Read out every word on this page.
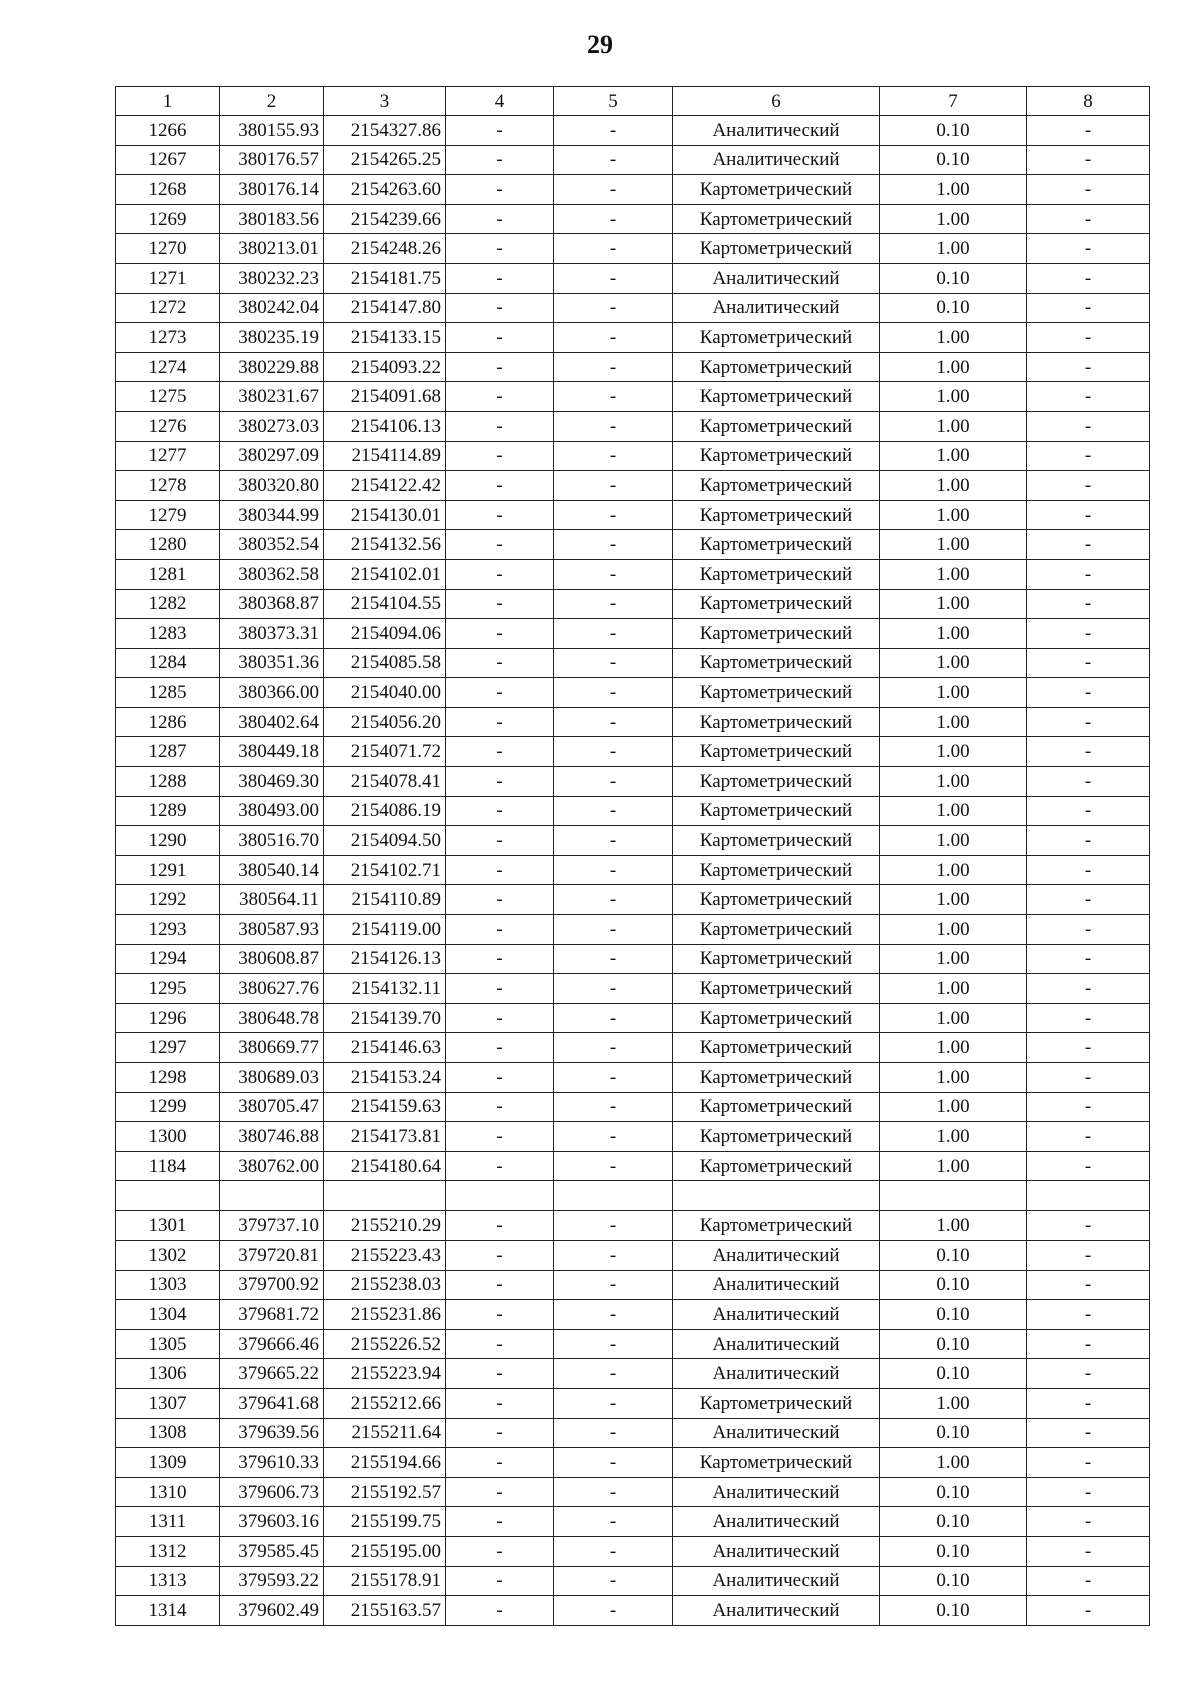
29
1	2	3	4	5	6	7	8
1266	380155.93	2154327.86	-	-	Аналитический	0.10	-
1267	380176.57	2154265.25	-	-	Аналитический	0.10	-
1268	380176.14	2154263.60	-	-	Картометрический	1.00	-
1269	380183.56	2154239.66	-	-	Картометрический	1.00	-
1270	380213.01	2154248.26	-	-	Картометрический	1.00	-
1271	380232.23	2154181.75	-	-	Аналитический	0.10	-
1272	380242.04	2154147.80	-	-	Аналитический	0.10	-
1273	380235.19	2154133.15	-	-	Картометрический	1.00	-
1274	380229.88	2154093.22	-	-	Картометрический	1.00	-
1275	380231.67	2154091.68	-	-	Картометрический	1.00	-
1276	380273.03	2154106.13	-	-	Картометрический	1.00	-
1277	380297.09	2154114.89	-	-	Картометрический	1.00	-
1278	380320.80	2154122.42	-	-	Картометрический	1.00	-
1279	380344.99	2154130.01	-	-	Картометрический	1.00	-
1280	380352.54	2154132.56	-	-	Картометрический	1.00	-
1281	380362.58	2154102.01	-	-	Картометрический	1.00	-
1282	380368.87	2154104.55	-	-	Картометрический	1.00	-
1283	380373.31	2154094.06	-	-	Картометрический	1.00	-
1284	380351.36	2154085.58	-	-	Картометрический	1.00	-
1285	380366.00	2154040.00	-	-	Картометрический	1.00	-
1286	380402.64	2154056.20	-	-	Картометрический	1.00	-
1287	380449.18	2154071.72	-	-	Картометрический	1.00	-
1288	380469.30	2154078.41	-	-	Картометрический	1.00	-
1289	380493.00	2154086.19	-	-	Картометрический	1.00	-
1290	380516.70	2154094.50	-	-	Картометрический	1.00	-
1291	380540.14	2154102.71	-	-	Картометрический	1.00	-
1292	380564.11	2154110.89	-	-	Картометрический	1.00	-
1293	380587.93	2154119.00	-	-	Картометрический	1.00	-
1294	380608.87	2154126.13	-	-	Картометрический	1.00	-
1295	380627.76	2154132.11	-	-	Картометрический	1.00	-
1296	380648.78	2154139.70	-	-	Картометрический	1.00	-
1297	380669.77	2154146.63	-	-	Картометрический	1.00	-
1298	380689.03	2154153.24	-	-	Картометрический	1.00	-
1299	380705.47	2154159.63	-	-	Картометрический	1.00	-
1300	380746.88	2154173.81	-	-	Картометрический	1.00	-
1184	380762.00	2154180.64	-	-	Картометрический	1.00	-

1301	379737.10	2155210.29	-	-	Картометрический	1.00	-
1302	379720.81	2155223.43	-	-	Аналитический	0.10	-
1303	379700.92	2155238.03	-	-	Аналитический	0.10	-
1304	379681.72	2155231.86	-	-	Аналитический	0.10	-
1305	379666.46	2155226.52	-	-	Аналитический	0.10	-
1306	379665.22	2155223.94	-	-	Аналитический	0.10	-
1307	379641.68	2155212.66	-	-	Картометрический	1.00	-
1308	379639.56	2155211.64	-	-	Аналитический	0.10	-
1309	379610.33	2155194.66	-	-	Картометрический	1.00	-
1310	379606.73	2155192.57	-	-	Аналитический	0.10	-
1311	379603.16	2155199.75	-	-	Аналитический	0.10	-
1312	379585.45	2155195.00	-	-	Аналитический	0.10	-
1313	379593.22	2155178.91	-	-	Аналитический	0.10	-
1314	379602.49	2155163.57	-	-	Аналитический	0.10	-
